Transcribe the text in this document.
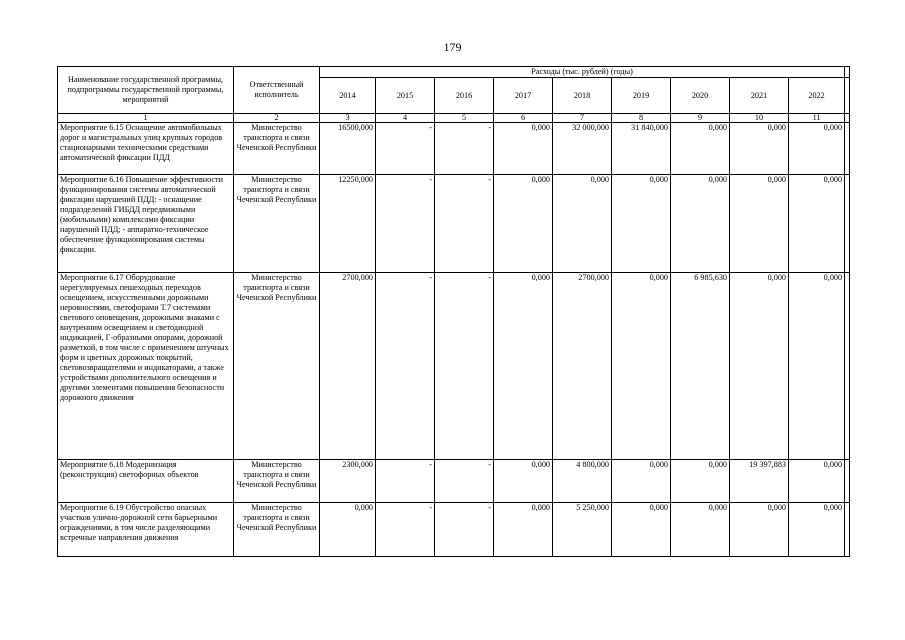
179
Наименование государственной программы, подпрограммы государственной программы, мероприятий	Ответственный исполнитель	Расходы (тыс. рублей) (годы)									
		2014	2015	2016	2017	2018	2019	2020	2021	2022	
1	2	3	4	5	6	7	8	9	10	11	
Мероприятие 6.15 Оснащение автомобильных дорог и магистральных улиц крупных городов стационарными техническими средствами автоматической фиксации ПДД	Министерство транспорта и связи Чеченской Республики	16500,000	-	-	0,000	32 000,000	31 840,000	0,000	0,000	0,000	
Мероприятие 6.16 Повышение эффективности функционирования системы автоматической фиксации нарушений ПДД: - оснащение подразделений ГИБДД передвижными (мобильными) комплексами фиксации нарушений ПДД; - аппаратно-техническое обеспечение функционирования системы фиксации.	Министерство транспорта и связи Чеченской Республики	12250,000	-	-	0,000	0,000	0,000	0,000	0,000	0,000	
Мероприятие 6.17 Оборудование нерегулируемых пешеходных переходов освещением, искусственными дорожными неровностями, светофорами Т.7 системами светового оповещения, дорожными знаками с внутренним освещением и светодиодной индикацией, Г-образными опорами, дорожной разметкой, в том числе с применением штучных форм и цветных дорожных покрытий, световозвращателями и индикаторами, а также устройствами дополнительного освещения и другими элементами повышения безопасности дорожного движения	Министерство транспорта и связи Чеченской Республики	2700,000	-	-	0,000	2700,000	0,000	6 985,630	0,000	0,000	
Мероприятие 6.18 Модернизация (реконструкция) светофорных объектов	Министерство транспорта и связи Чеченской Республики	2300,000	-	-	0,000	4 800,000	0,000	0,000	19 397,883	0,000	
Мероприятие 6.19 Обустройство опасных участков улично-дорожной сети барьерными ограждениями, в том числе разделяющими встречные направления движения	Министерство транспорта и связи Чеченской Республики	0,000	-	-	0,000	5 250,000	0,000	0,000	0,000	0,000	
